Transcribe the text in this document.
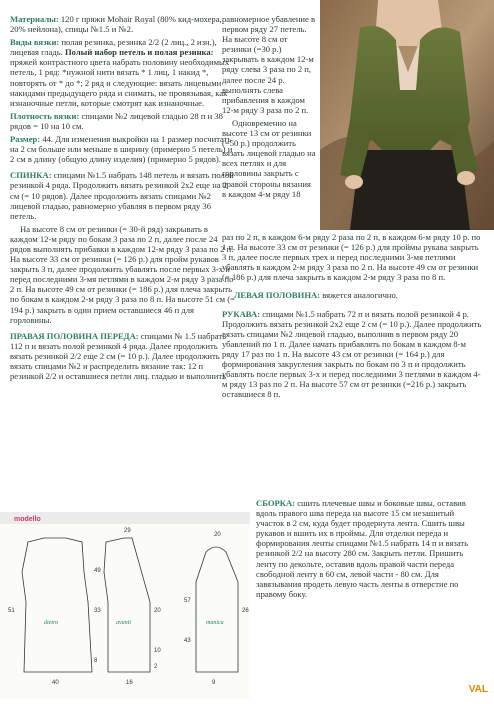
Материалы: 120 г пряжи Mohair Royal (80% кид-мохера, 20% нейлона), спицы №1.5 и №2.

Виды вязки: полая резинка, резинка 2/2 (2 лиц., 2 изн.), лицевая гладь. Полый набор петель и полая резинка: пряжей контрастного цвета набрать половину необходимых петель, 1 ряд: *нужной нити вязать * 1 лиц, 1 накид *, повторять от * до *; 2 ряд и следующие: вязать лицевыми накидами предыдущего ряда и снимать, не провязывая, как изнаночные петли, которые смотрят как изнаночные.

Плотность вязки: спицами №2 лицевой гладью 28 п и 38 рядов = 10 на 10 см.

Размер: 44. Для изменения выкройки на 1 размер посчитать на 2 см больше или меньше в ширину (примерно 5 петель) и 2 см в длину (общую длину изделия) (примерно 5 рядов).

СПИНКА: спицами №1.5 набрать 148 петель и вязать полой резинкой 4 ряда. Продолжить вязать резинкой 2х2 еще на 2 см (= 10 рядов). Далее продолжить вязать спицами №2 лицевой гладью, равномерно убавляя в первом ряду 36 петель.

На высоте 8 см от резинки (= 30-й ряд) закрывать в каждом 12-м ряду по бокам 3 раза по 2 п, далее после 24 рядов выполнять прибавки в каждом 12-м ряду 3 раза по 2 п. На высоте 33 см от резинки (= 126 р.) для пройм рукавов закрыть 3 п, далее продолжить убавлять после первых 3-х и перед последними 3-мя петлями в каждом 2-м ряду 3 раза по 2 п. На высоте 49 см от резинки (= 186 р.) для плеча закрыть по бокам в каждом 2-м ряду 3 раза по 8 п. На высоте 51 см (= 194 р.) закрыть в один прием оставшиеся 46 п для горловины.

ПРАВАЯ ПОЛОВИНА ПЕРЕДА: спицами № 1.5 набрать 112 п и вязать полой резинкой 4 ряда. Далее продолжить вязать резинкой 2/2 еще 2 см (= 10 р.). Далее продолжить вязать спицами №2 и распределить вязание так: 12 п резинкой 2/2 и оставшиеся петли лиц. гладью и выполнить

равномерное убавление в первом ряду 27 петель. На высоте 8 см от резинки (=30 р.) закрывать в каждом 12-м ряду слева 3 раза по 2 п, далее после 24 р. выполнять слева прибавления в каждом 12-м ряду 3 раза по 2 п.

Одновременно на высоте 13 см от резинки (=50 р.) продолжить вязать лицевой гладью на всех петлях и для горловины закрыть с правой стороны вязания в каждом 4-м ряду 18

раз по 2 п, в каждом 6-м ряду 2 раза по 2 п, в каждом 6-м ряду 10 р. по 1 п. На высоте 33 см от резинки (= 126 р.) для проймы рукава закрыть 3 п, далее после первых трех и перед последними 3-мя петлями убавлять в каждом 2-м ряду 3 раза по 2 п. На высоте 49 см от резинки (= 186 р.) для плеча закрыть в каждом 2-м ряду 3 раза по 8 п.

ЛЕВАЯ ПОЛОВИНА: вяжется аналогично.

РУКАВА: спицами №1.5 набрать 72 п и вязать полой резинкой 4 р. Продолжить вязать резинкой 2х2 еще 2 см (= 10 р.). Далее продолжить вязать спицами №2 лицевой гладью, выполнив в первом ряду 20 убавлений по 1 п. Далее начать прибавлять по бокам в каждом 8-м ряду 17 раз по 1 п. На высоте 43 см от резинки (= 164 р.) для формирования закругления закрыть по бокам по 3 п и продолжить убавлять после первых 3-х и перед последними 3 петлями в каждом 4-м ряду 13 раз по 2 п. На высоте 57 см от резинки (=216 р.) закрыть оставшиеся 8 п.

СБОРКА: сшить плечевые швы и боковые швы, оставив вдоль правого шва переда на высоте 15 см незашитый участок в 2 см, куда будет продернута лента. Сшить швы рукавов и вшить их в проймы. Для отделки переда и формирования ленты спицами №1.5 набрать 14 п и вязать резинкой 2/2 на высоту 280 см. Закрыть петли. Пришить ленту по декольте, оставив вдоль правой части переда свободной ленту в 60 см, левой части - 80 см. Для завязывания продеть левую часть ленты в отверстие по правому боку.

modello
dietro	avanti	manica
40
51
49
33
8
29
16
20
10
2
20
9
57
43
26
VAL
